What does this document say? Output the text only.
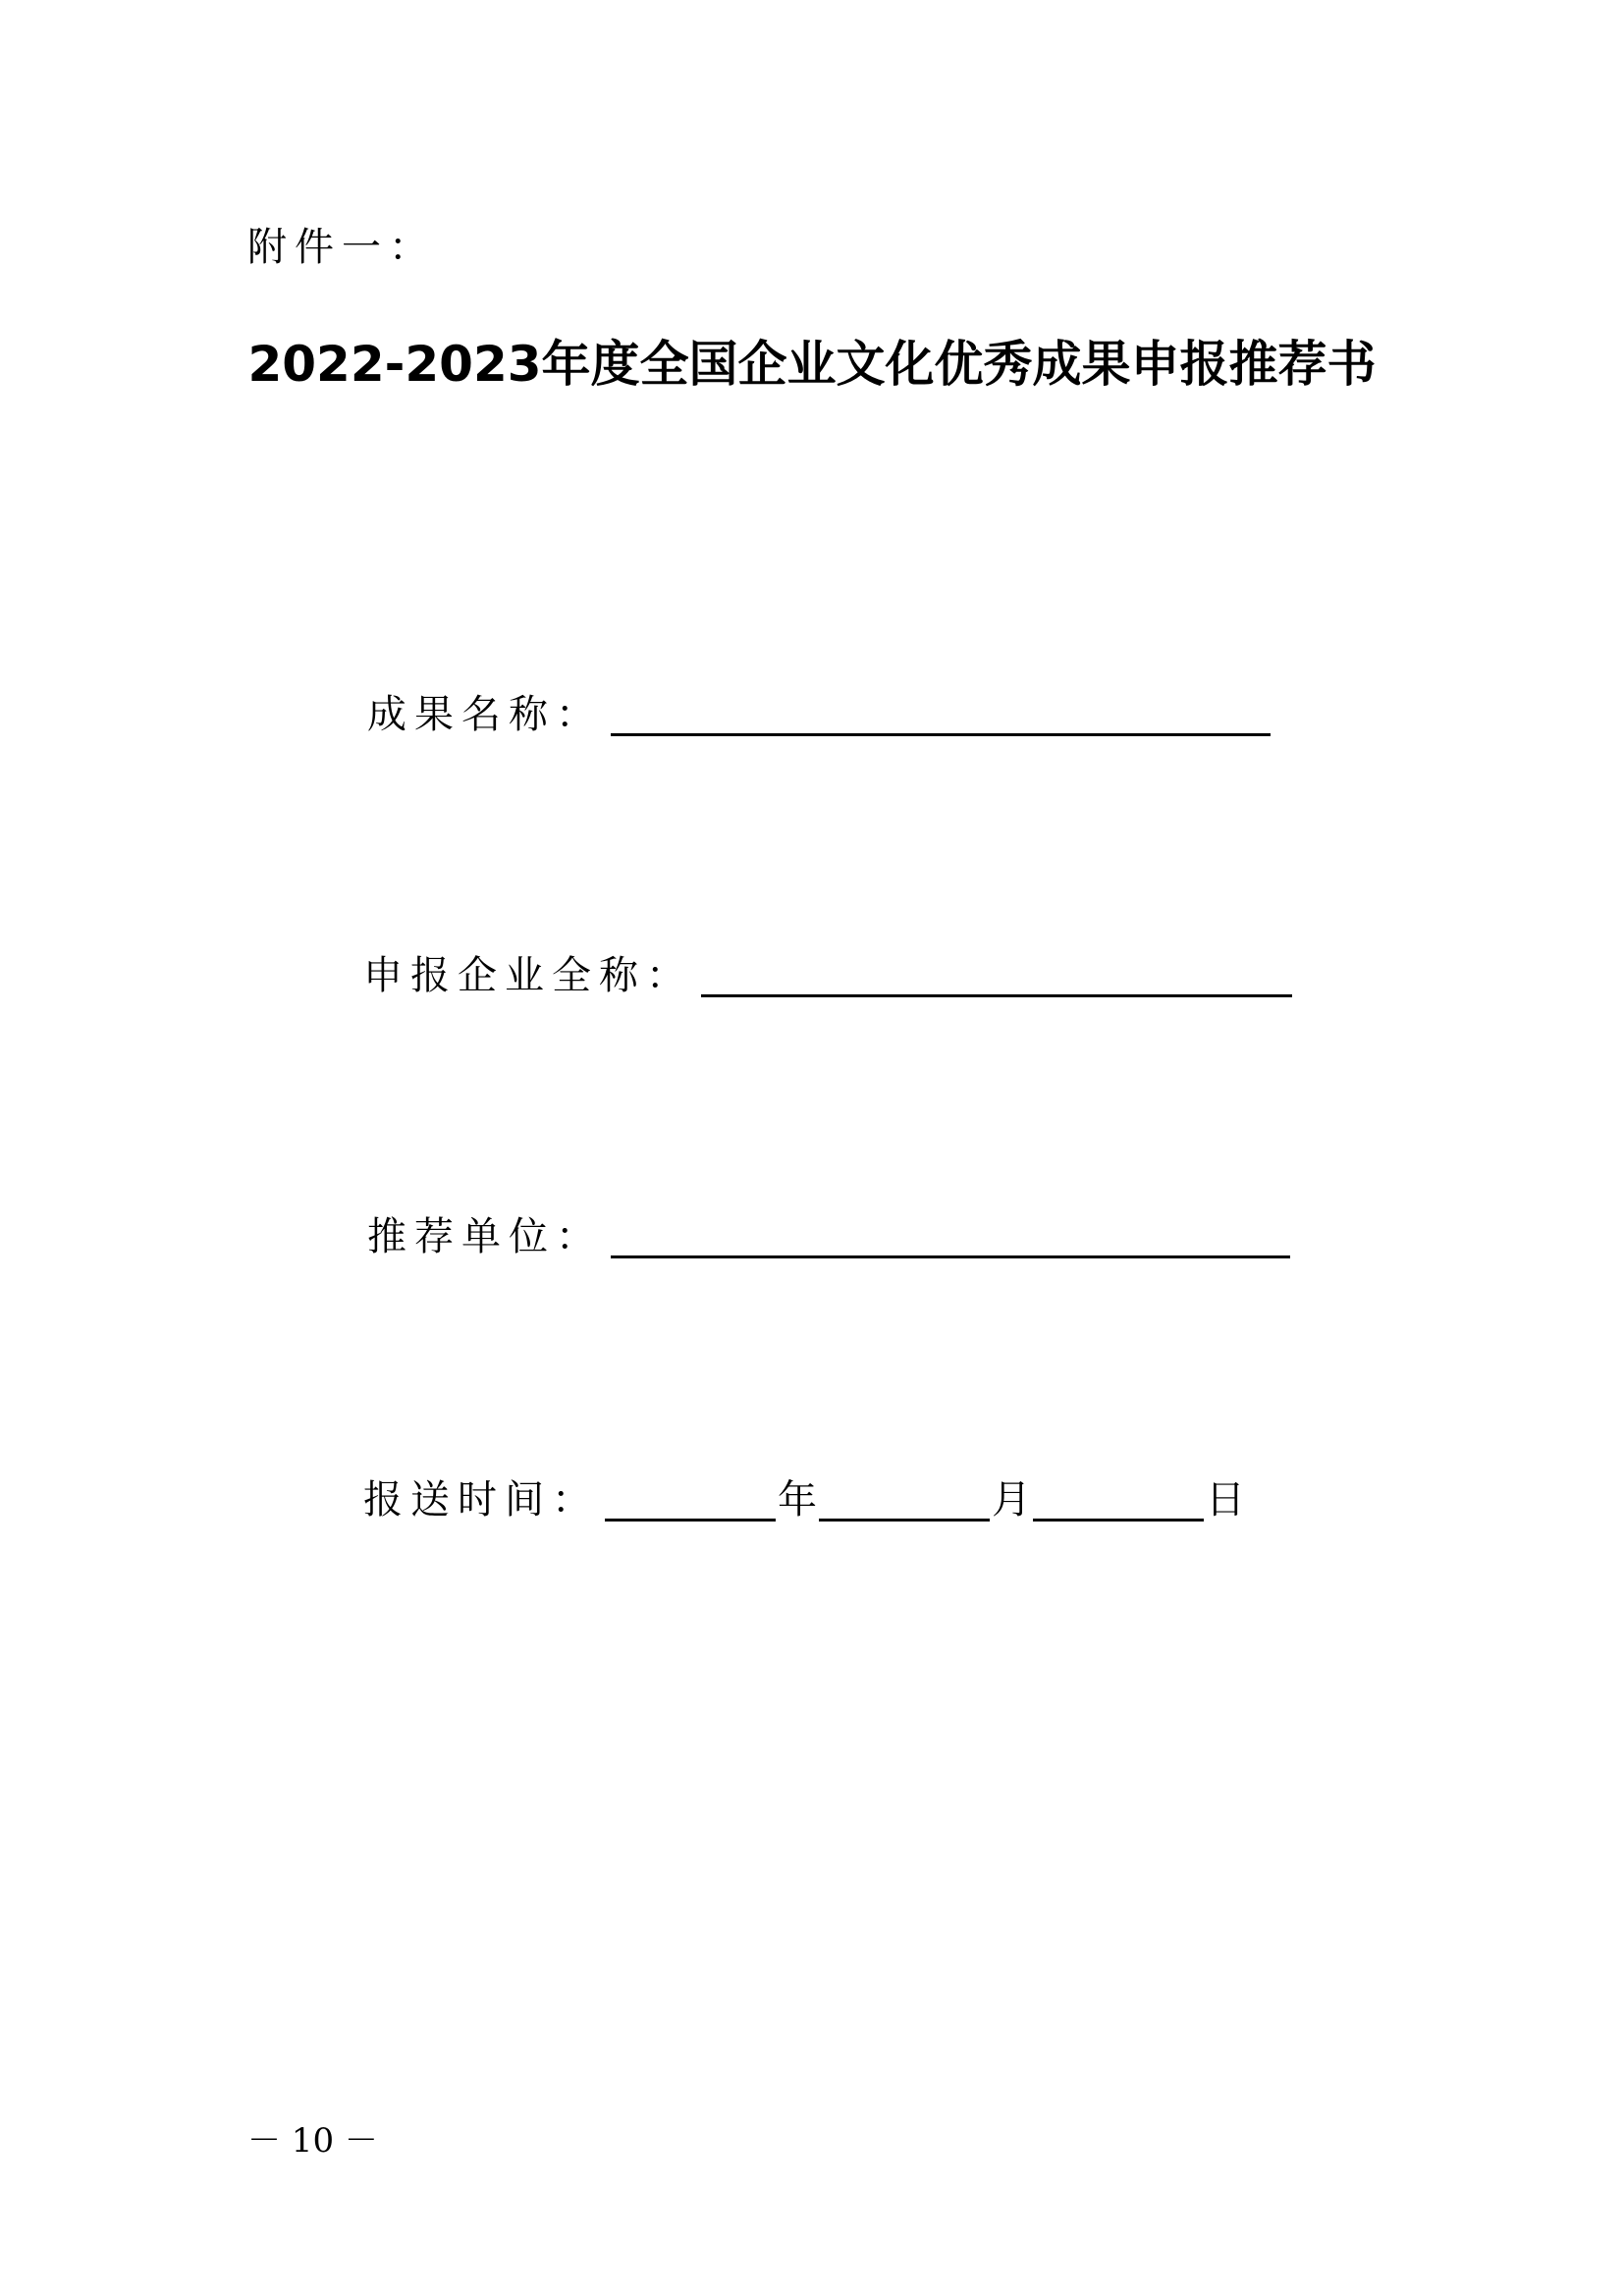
附件一：
2022-2023年度全国企业文化优秀成果申报推荐书
成果名称：
申报企业全称：
推荐单位：
报送时间：	年	月	日
－ 10 －
